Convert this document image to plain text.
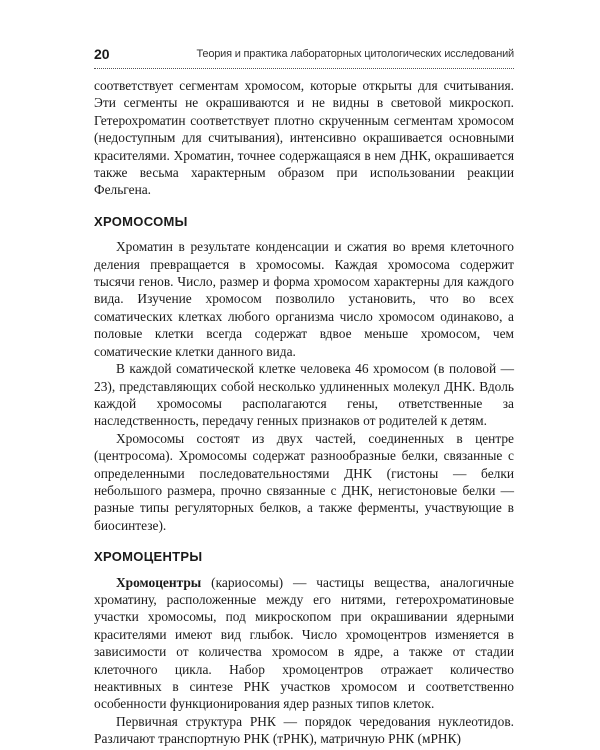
20	Теория и практика лабораторных цитологических исследований

соответствует сегментам хромосом, которые открыты для считывания. Эти сегменты не окрашиваются и не видны в световой микроскоп. Гетерохроматин соответствует плотно скрученным сегментам хромосом (недоступным для считывания), интенсивно окрашивается основными красителями. Хроматин, точнее содержащаяся в нем ДНК, окрашивается также весьма характерным образом при использовании реакции Фельгена.

ХРОМОСОМЫ

Хроматин в результате конденсации и сжатия во время клеточного деления превращается в хромосомы. Каждая хромосома содержит тысячи генов. Число, размер и форма хромосом характерны для каждого вида. Изучение хромосом позволило установить, что во всех соматических клетках любого организма число хромосом одинаково, а половые клетки всегда содержат вдвое меньше хромосом, чем соматические клетки данного вида.

В каждой соматической клетке человека 46 хромосом (в половой — 23), представляющих собой несколько удлиненных молекул ДНК. Вдоль каждой хромосомы располагаются гены, ответственные за наследственность, передачу генных признаков от родителей к детям.

Хромосомы состоят из двух частей, соединенных в центре (центросома). Хромосомы содержат разнообразные белки, связанные с определенными последовательностями ДНК (гистоны — белки небольшого размера, прочно связанные с ДНК, негистоновые белки — разные типы регуляторных белков, а также ферменты, участвующие в биосинтезе).

ХРОМОЦЕНТРЫ

Хромоцентры (кариосомы) — частицы вещества, аналогичные хроматину, расположенные между его нитями, гетерохроматиновые участки хромосомы, под микроскопом при окрашивании ядерными красителями имеют вид глыбок. Число хромоцентров изменяется в зависимости от количества хромосом в ядре, а также от стадии клеточного цикла. Набор хромоцентров отражает количество неактивных в синтезе РНК участков хромосом и соответственно особенности функционирования ядер разных типов клеток.

Первичная структура РНК — порядок чередования нуклеотидов. Различают транспортную РНК (тРНК), матричную РНК (мРНК)
